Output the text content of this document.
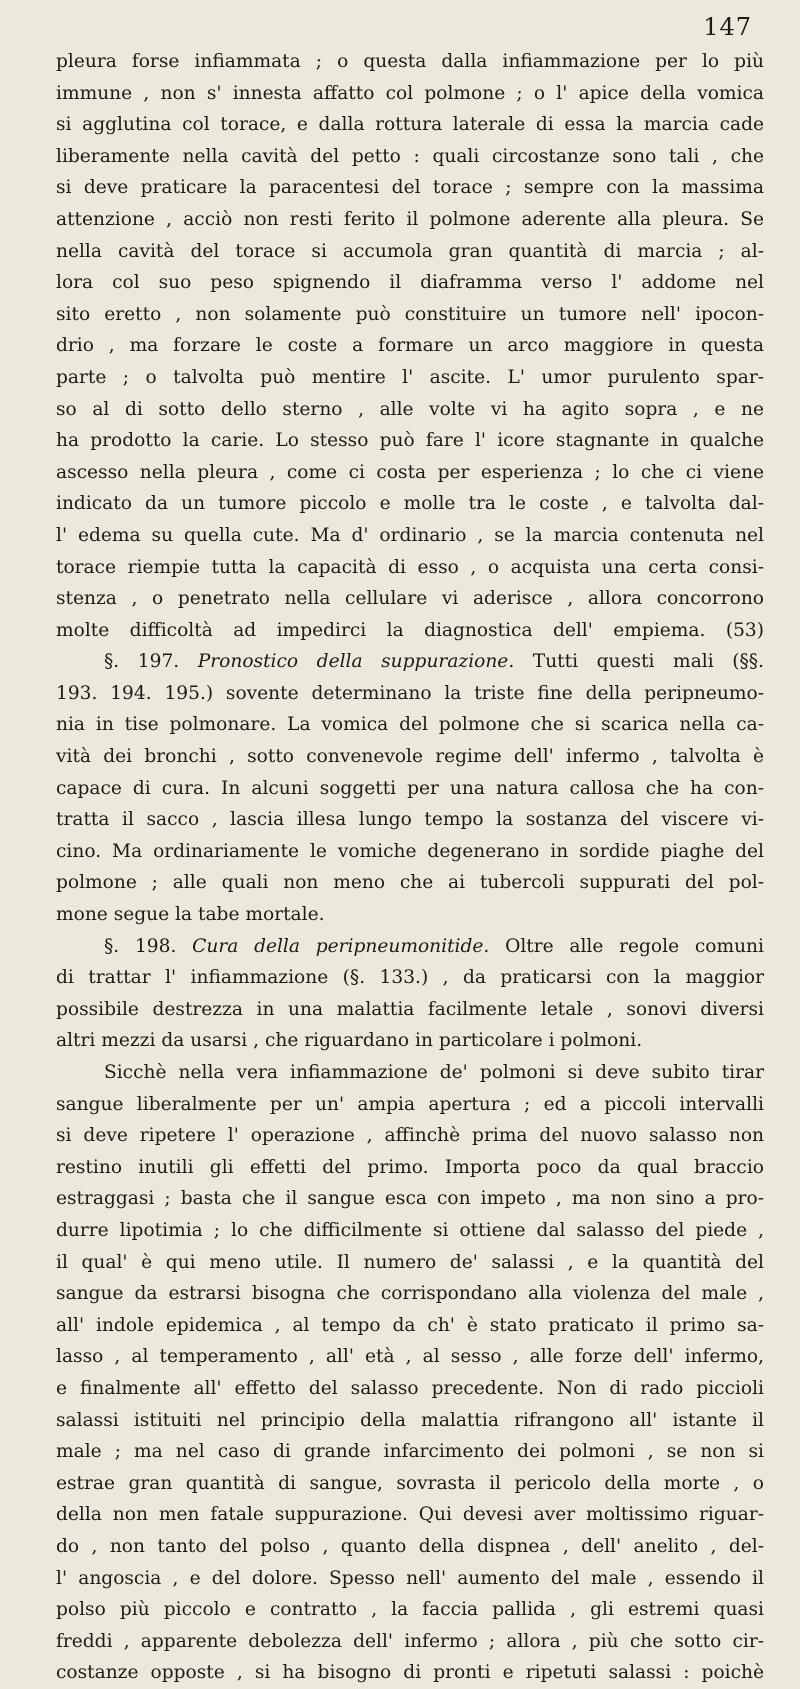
147
pleura forse infiammata ; o questa dalla infiammazione per lo più
immune , non s' innesta affatto col polmone ; o l' apice della vomica
si agglutina col torace, e dalla rottura laterale di essa la marcia cade
liberamente nella cavità del petto : quali circostanze sono tali , che
si deve praticare la paracentesi del torace ; sempre con la massima
attenzione , acciò non resti ferito il polmone aderente alla pleura. Se
nella cavità del torace si accumola gran quantità di marcia ; al-
lora col suo peso spignendo il diaframma verso l' addome nel
sito eretto , non solamente può constituire un tumore nell' ipocon-
drio , ma forzare le coste a formare un arco maggiore in questa
parte ; o talvolta può mentire l' ascite. L' umor purulento spar-
so al di sotto dello sterno , alle volte vi ha agito sopra , e ne
ha prodotto la carie. Lo stesso può fare l' icore stagnante in qualche
ascesso nella pleura , come ci costa per esperienza ; lo che ci viene
indicato da un tumore piccolo e molle tra le coste , e talvolta dal-
l' edema su quella cute. Ma d' ordinario , se la marcia contenuta nel
torace riempie tutta la capacità di esso , o acquista una certa consi-
stenza , o penetrato nella cellulare vi aderisce , allora concorrono
molte difficoltà ad impedirci la diagnostica dell' empiema. (53)
§. 197. Pronostico della suppurazione. Tutti questi mali (§§.
193. 194. 195.) sovente determinano la triste fine della peripneumo-
nia in tise polmonare. La vomica del polmone che si scarica nella ca-
vità dei bronchi , sotto convenevole regime dell' infermo , talvolta è
capace di cura. In alcuni soggetti per una natura callosa che ha con-
tratta il sacco , lascia illesa lungo tempo la sostanza del viscere vi-
cino. Ma ordinariamente le vomiche degenerano in sordide piaghe del
polmone ; alle quali non meno che ai tubercoli suppurati del pol-
mone segue la tabe mortale.
§. 198. Cura della peripneumonitide. Oltre alle regole comuni
di trattar l' infiammazione (§. 133.) , da praticarsi con la maggior
possibile destrezza in una malattia facilmente letale , sonovi diversi
altri mezzi da usarsi , che riguardano in particolare i polmoni.
Sicchè nella vera infiammazione de' polmoni si deve subito tirar
sangue liberalmente per un' ampia apertura ; ed a piccoli intervalli
si deve ripetere l' operazione , affinchè prima del nuovo salasso non
restino inutili gli effetti del primo. Importa poco da qual braccio
estraggasi ; basta che il sangue esca con impeto , ma non sino a pro-
durre lipotimia ; lo che difficilmente si ottiene dal salasso del piede ,
il qual' è qui meno utile. Il numero de' salassi , e la quantità del
sangue da estrarsi bisogna che corrispondano alla violenza del male ,
all' indole epidemica , al tempo da ch' è stato praticato il primo sa-
lasso , al temperamento , all' età , al sesso , alle forze dell' infermo,
e finalmente all' effetto del salasso precedente. Non di rado piccioli
salassi istituiti nel principio della malattia rifrangono all' istante il
male ; ma nel caso di grande infarcimento dei polmoni , se non si
estrae gran quantità di sangue, sovrasta il pericolo della morte , o
della non men fatale suppurazione. Qui devesi aver moltissimo riguar-
do , non tanto del polso , quanto della dispnea , dell' anelito , del-
l' angoscia , e del dolore. Spesso nell' aumento del male , essendo il
polso più piccolo e contratto , la faccia pallida , gli estremi quasi
freddi , apparente debolezza dell' infermo ; allora , più che sotto cir-
costanze opposte , si ha bisogno di pronti e ripetuti salassi : poichè
